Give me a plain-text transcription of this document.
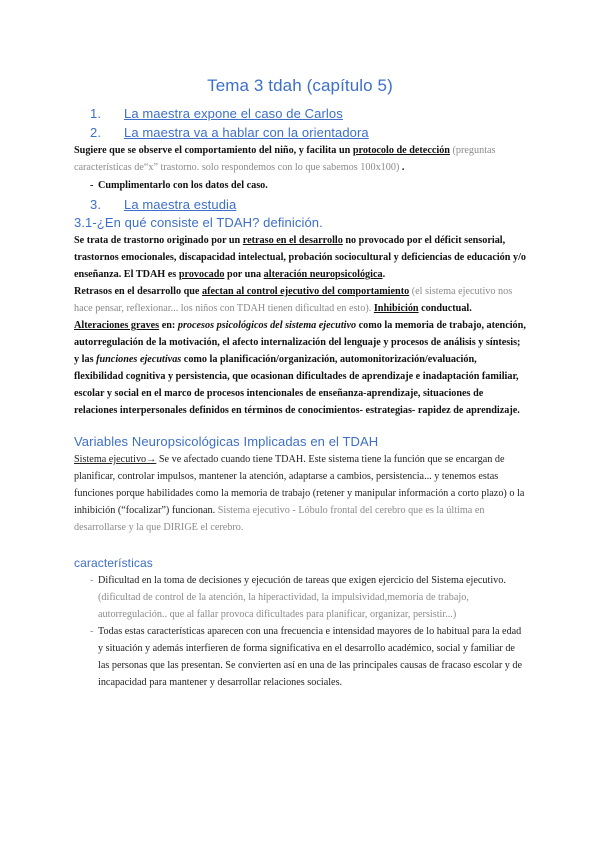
Tema 3 tdah (capítulo 5)
1.	La maestra expone el caso de Carlos
2.	La maestra va a hablar con la orientadora

Sugiere que se observe el comportamiento del niño, y facilita un protocolo de detección (preguntas características de“x” trastorno. solo respondemos con lo que sabemos 100x100) .

- Cumplimentarlo con los datos del caso.
3.	La maestra estudia
3.1-¿En qué consiste el TDAH? definición.

Se trata de trastorno originado por un retraso en el desarrollo no provocado por el déficit sensorial, trastornos emocionales, discapacidad intelectual, probación sociocultural y deficiencias de educación y/o enseñanza. El TDAH es provocado por una alteración neuropsicológica.

Retrasos en el desarrollo que afectan al control ejecutivo del comportamiento (el sistema ejecutivo nos hace pensar, reflexionar... los niños con TDAH tienen dificultad en esto). Inhibición conductual.

Alteraciones graves en: procesos psicológicos del sistema ejecutivo como la memoria de trabajo, atención, autorregulación de la motivación, el afecto internalización del lenguaje y procesos de análisis y síntesis; y las funciones ejecutivas como la planificación/organización, automonitorización/evaluación, flexibilidad cognitiva y persistencia, que ocasionan dificultades de aprendizaje e inadaptación familiar, escolar y social en el marco de procesos intencionales de enseñanza-aprendizaje, situaciones de relaciones interpersonales definidos en términos de conocimientos- estrategias- rapidez de aprendizaje.

Variables Neuropsicológicas Implicadas en el TDAH

Sistema ejecutivo→ Se ve afectado cuando tiene TDAH. Este sistema tiene la función que se encargan de planificar, controlar impulsos, mantener la atención, adaptarse a cambios, persistencia... y tenemos estas funciones porque habilidades como la memoria de trabajo (retener y manipular información a corto plazo) o la inhibición (“focalizar”) funcionan. Sistema ejecutivo - Lóbulo frontal del cerebro que es la última en desarrollarse y la que DIRIGE el cerebro.

características
- Dificultad en la toma de decisiones y ejecución de tareas que exigen ejercicio del Sistema ejecutivo. (dificultad de control de la atención, la hiperactividad, la impulsividad,memoria de trabajo, autorregulación.. que al fallar provoca dificultades para planificar, organizar, persistir...)
- Todas estas características aparecen con una frecuencia e intensidad mayores de lo habitual para la edad y situación y además interfieren de forma significativa en el desarrollo académico, social y familiar de las personas que las presentan. Se convierten así en una de las principales causas de fracaso escolar y de incapacidad para mantener y desarrollar relaciones sociales.
